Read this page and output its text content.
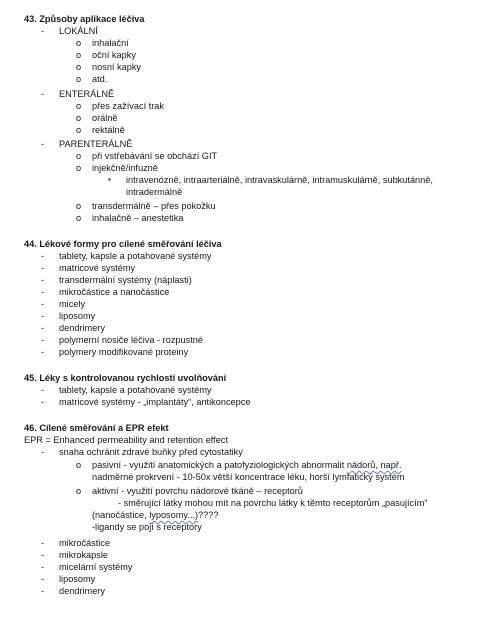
43. Způsoby aplikace léčiva
- LOKÁLNÍ
o inhalační
o oční kapky
o nosní kapky
o atd.
- ENTERÁLNĚ
o přes zažívací trak
o orálně
o rektálně
- PARENTERÁLNĚ
o při vstřebávání se obchází GIT
o injekčně/infuzně
▪ intravenózně, intraarteriálně, intravaskulárně, intramuskulárně, subkutánně,
intradermálně
o transdermálně – přes pokožku
o inhalačně – anestetika
44. Lékové formy pro cílené směřování léčiva
- tablety, kapsle a potahované systémy
- matricové systémy
- transdermální systémy (náplasti)
- mikročástice a nanočástice
- micely
- liposomy
- dendrimery
- polymerní nosiče léčiva - rozpustné
- polymery modifikované proteiny
45. Léky s kontrolovanou rychlostí uvolňování
- tablety, kapsle a potahované systémy
- matricové systémy - „implantáty“, antikoncepce
46. Cílené směřování a EPR efekt
EPR = Enhanced permeability and retention effect
- snaha ochránit zdravé buňky před cytostatiky
o pasivní - využití anatomických a patofyziologických abnormalit nádorů, např.
nadměrné prokrvení - 10-50x větší koncentrace léku, horší lymfatický systém
o aktivní - využití povrchu nádorové tkáně – receptorů
- směrující látky mohou mít na povrchu látky k těmto receptorům „pasujícím“
(nanočástice, lyposomy...)????
-ligandy se pojí s receptory
- mikročástice
- mikrokapsle
- micelární systémy
- liposomy
- dendrimery
